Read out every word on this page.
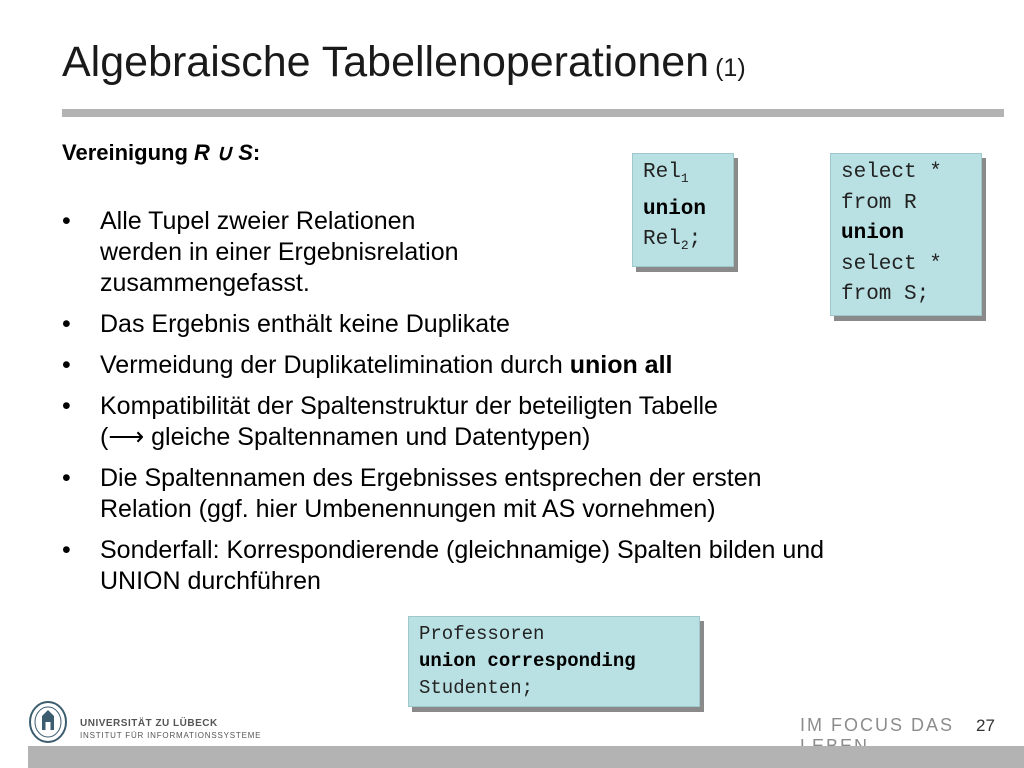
Algebraische Tabellenoperationen (1)
Vereinigung R ∪ S:
• Alle Tupel zweier Relationen
werden in einer Ergebnisrelation
zusammengefasst.
• Das Ergebnis enthält keine Duplikate
• Vermeidung der Duplikatelimination durch union all
• Kompatibilität der Spaltenstruktur der beteiligten Tabelle
(⟶ gleiche Spaltennamen und Datentypen)
• Die Spaltennamen des Ergebnisses entsprechen der ersten
Relation (ggf. hier Umbenennungen mit AS vornehmen)
• Sonderfall: Korrespondierende (gleichnamige) Spalten bilden und
UNION durchführen
Rel$_1$
union
Rel$_2$;
select *
from R
union
select *
from S;
Professoren
union corresponding
Studenten;
UNIVERSITÄT ZU LÜBECK
INSTITUT FÜR INFORMATIONSSYSTEME
IM FOCUS DAS	27
